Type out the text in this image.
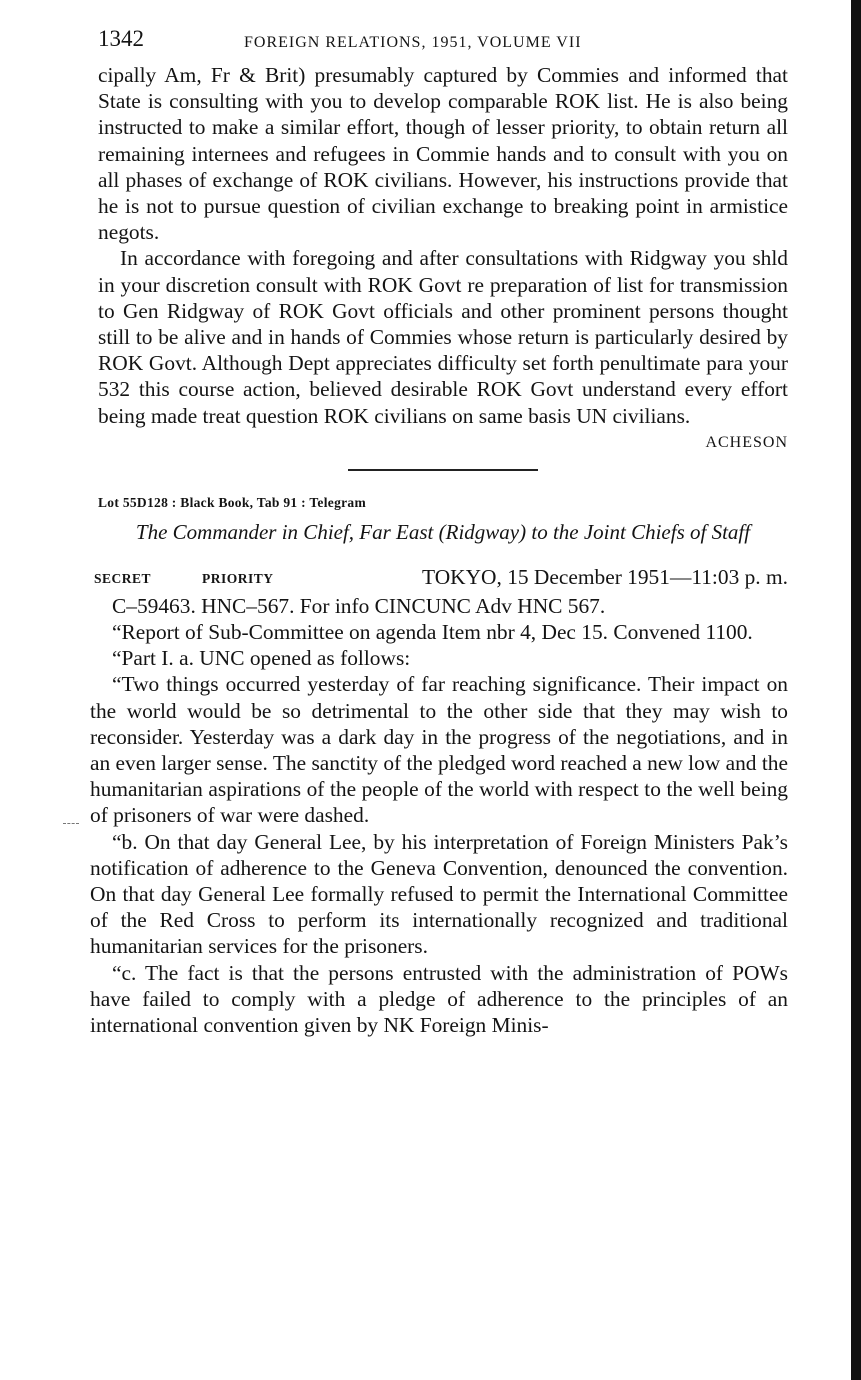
1342	FOREIGN RELATIONS, 1951, VOLUME VII

cipally Am, Fr & Brit) presumably captured by Commies and informed that State is consulting with you to develop comparable ROK list. He is also being instructed to make a similar effort, though of lesser priority, to obtain return all remaining internees and refugees in Commie hands and to consult with you on all phases of exchange of ROK civilians. However, his instructions provide that he is not to pursue question of civilian exchange to breaking point in armistice negots.

In accordance with foregoing and after consultations with Ridgway you shld in your discretion consult with ROK Govt re preparation of list for transmission to Gen Ridgway of ROK Govt officials and other prominent persons thought still to be alive and in hands of Commies whose return is particularly desired by ROK Govt. Although Dept appreciates difficulty set forth penultimate para your 532 this course action, believed desirable ROK Govt understand every effort being made treat question ROK civilians on same basis UN civilians.

ACHESON

Lot 55D128 : Black Book, Tab 91 : Telegram

The Commander in Chief, Far East (Ridgway) to the Joint Chiefs of Staff

SECRET	PRIORITY	TOKYO, 15 December 1951—11:03 p. m.

C–59463. HNC–567. For info CINCUNC Adv HNC 567.

“Report of Sub-Committee on agenda Item nbr 4, Dec 15. Convened 1100.

“Part I. a. UNC opened as follows:

“Two things occurred yesterday of far reaching significance. Their impact on the world would be so detrimental to the other side that they may wish to reconsider. Yesterday was a dark day in the progress of the negotiations, and in an even larger sense. The sanctity of the pledged word reached a new low and the humanitarian aspirations of the people of the world with respect to the well being of prisoners of war were dashed.

“b. On that day General Lee, by his interpretation of Foreign Ministers Pak’s notification of adherence to the Geneva Convention, denounced the convention. On that day General Lee formally refused to permit the International Committee of the Red Cross to perform its internationally recognized and traditional humanitarian services for the prisoners.

“c. The fact is that the persons entrusted with the administration of POWs have failed to comply with a pledge of adherence to the principles of an international convention given by NK Foreign Minis-
